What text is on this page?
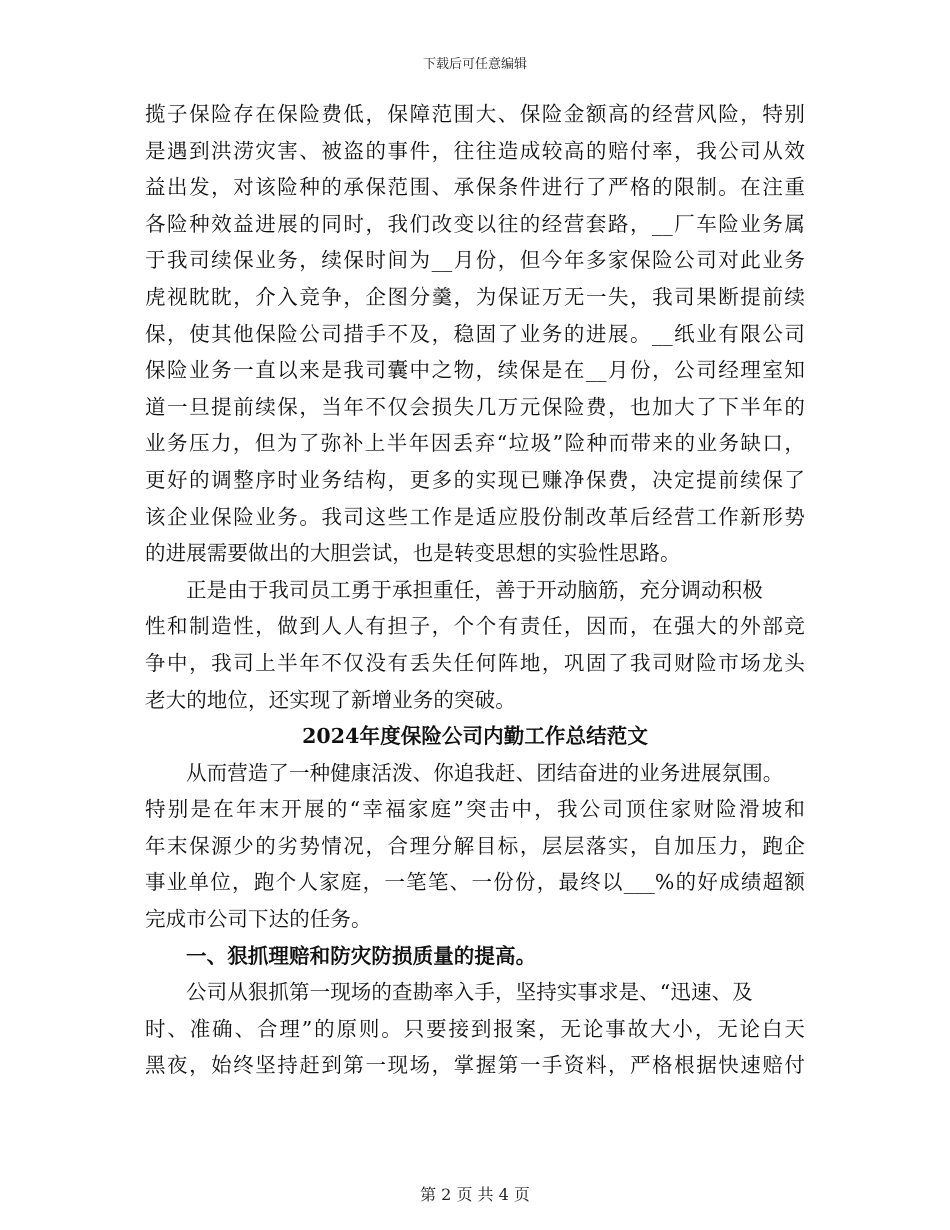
下载后可任意编辑
揽子保险存在保险费低，保障范围大、保险金额高的经营风险，特别
是遇到洪涝灾害、被盗的事件，往往造成较高的赔付率，我公司从效
益出发，对该险种的承保范围、承保条件进行了严格的限制。在注重
各险种效益进展的同时，我们改变以往的经营套路，__厂车险业务属
于我司续保业务，续保时间为__月份，但今年多家保险公司对此业务
虎视眈眈，介入竞争，企图分羹，为保证万无一失，我司果断提前续
保，使其他保险公司措手不及，稳固了业务的进展。__纸业有限公司
保险业务一直以来是我司囊中之物，续保是在__月份，公司经理室知
道一旦提前续保，当年不仅会损失几万元保险费，也加大了下半年的
业务压力，但为了弥补上半年因丢弃“垃圾”险种而带来的业务缺口，
更好的调整序时业务结构，更多的实现已赚净保费，决定提前续保了
该企业保险业务。我司这些工作是适应股份制改革后经营工作新形势
的进展需要做出的大胆尝试，也是转变思想的实验性思路。
正是由于我司员工勇于承担重任，善于开动脑筋，充分调动积极
性和制造性，做到人人有担子，个个有责任，因而，在强大的外部竞
争中，我司上半年不仅没有丢失任何阵地，巩固了我司财险市场龙头
老大的地位，还实现了新增业务的突破。
2024年度保险公司内勤工作总结范文
从而营造了一种健康活泼、你追我赶、团结奋进的业务进展氛围。
特别是在年末开展的“幸福家庭”突击中，我公司顶住家财险滑坡和
年末保源少的劣势情况，合理分解目标，层层落实，自加压力，跑企
事业单位，跑个人家庭，一笔笔、一份份，最终以___%的好成绩超额
完成市公司下达的任务。
一、狠抓理赔和防灾防损质量的提高。
公司从狠抓第一现场的查勘率入手，坚持实事求是、“迅速、及
时、准确、合理”的原则。只要接到报案，无论事故大小，无论白天
黑夜，始终坚持赶到第一现场，掌握第一手资料，严格根据快速赔付
第 2 页 共 4 页
